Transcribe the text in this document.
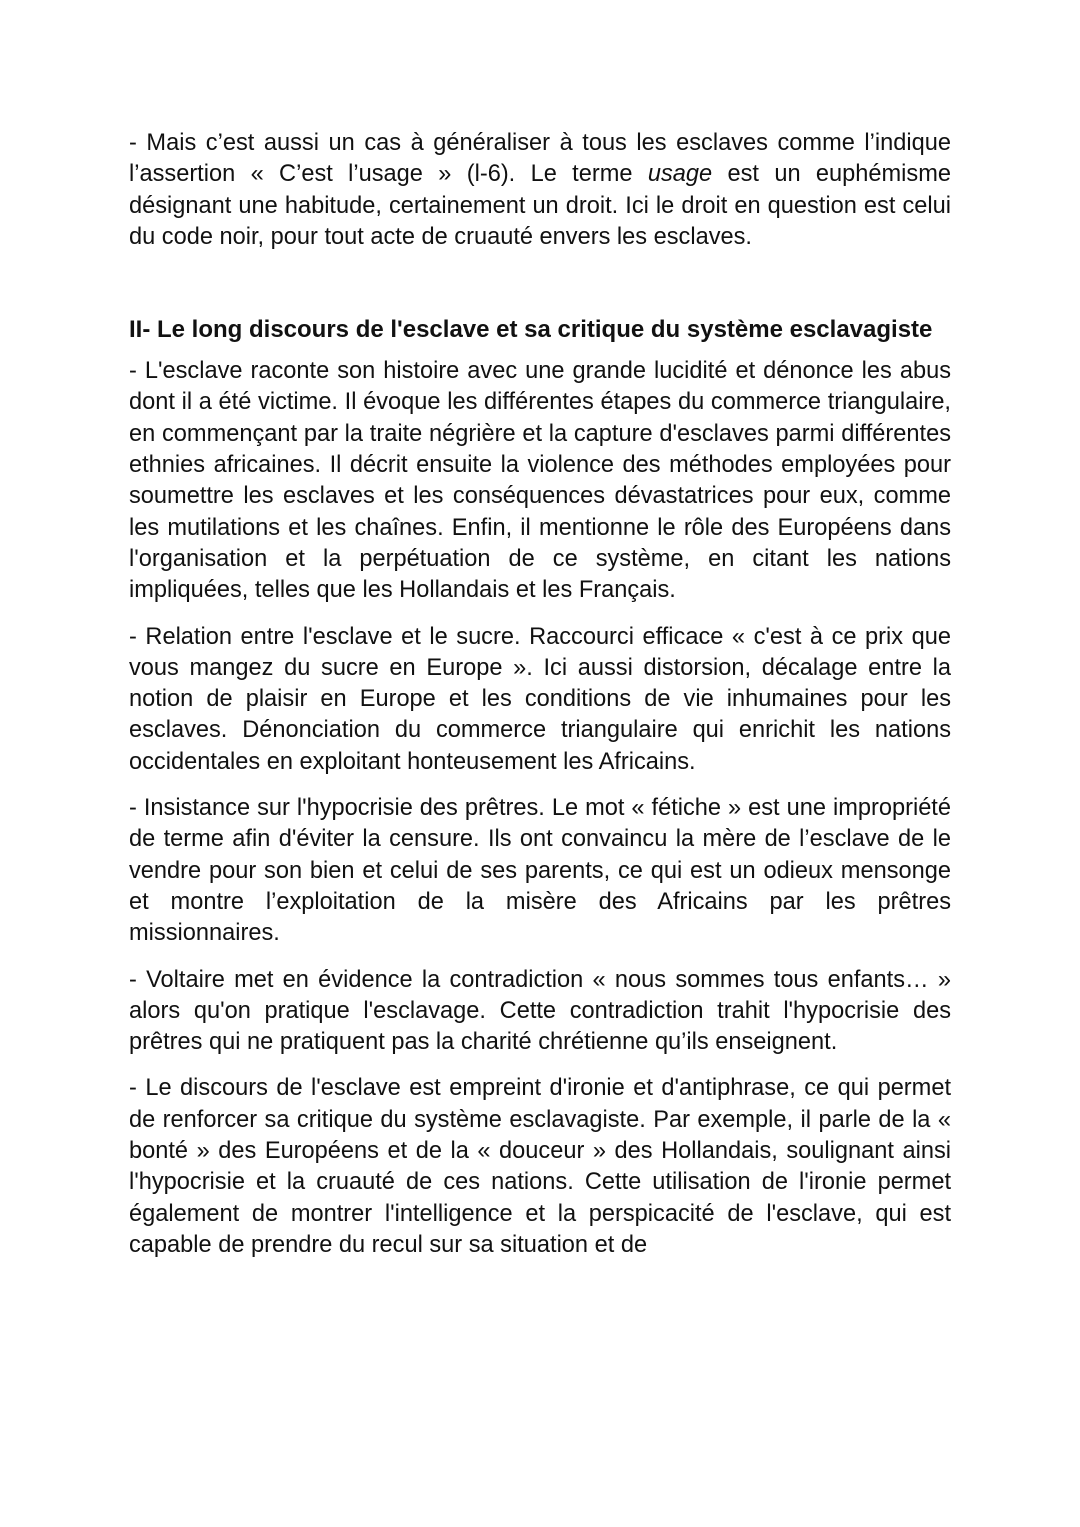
- Mais c’est aussi un cas à généraliser à tous les esclaves comme l’indique l’assertion « C’est l’usage » (l-6). Le terme usage est un euphémisme désignant une habitude, certainement un droit. Ici le droit en question est celui du code noir, pour tout acte de cruauté envers les esclaves.

II- Le long discours de l'esclave et sa critique du système esclavagiste

- L'esclave raconte son histoire avec une grande lucidité et dénonce les abus dont il a été victime. Il évoque les différentes étapes du commerce triangulaire, en commençant par la traite négrière et la capture d'esclaves parmi différentes ethnies africaines. Il décrit ensuite la violence des méthodes employées pour soumettre les esclaves et les conséquences dévastatrices pour eux, comme les mutilations et les chaînes. Enfin, il mentionne le rôle des Européens dans l'organisation et la perpétuation de ce système, en citant les nations impliquées, telles que les Hollandais et les Français.

- Relation entre l'esclave et le sucre. Raccourci efficace « c'est à ce prix que vous mangez du sucre en Europe ». Ici aussi distorsion, décalage entre la notion de plaisir en Europe et les conditions de vie inhumaines pour les esclaves. Dénonciation du commerce triangulaire qui enrichit les nations occidentales en exploitant honteusement les Africains.

- Insistance sur l'hypocrisie des prêtres. Le mot « fétiche » est une impropriété de terme afin d'éviter la censure. Ils ont convaincu la mère de l’esclave de le vendre pour son bien et celui de ses parents, ce qui est un odieux mensonge et montre l’exploitation de la misère des Africains par les prêtres missionnaires.

- Voltaire met en évidence la contradiction « nous sommes tous enfants… » alors qu'on pratique l'esclavage. Cette contradiction trahit l'hypocrisie des prêtres qui ne pratiquent pas la charité chrétienne qu’ils enseignent.

- Le discours de l'esclave est empreint d'ironie et d'antiphrase, ce qui permet de renforcer sa critique du système esclavagiste. Par exemple, il parle de la « bonté » des Européens et de la « douceur » des Hollandais, soulignant ainsi l'hypocrisie et la cruauté de ces nations. Cette utilisation de l'ironie permet également de montrer l'intelligence et la perspicacité de l'esclave, qui est capable de prendre du recul sur sa situation et de
